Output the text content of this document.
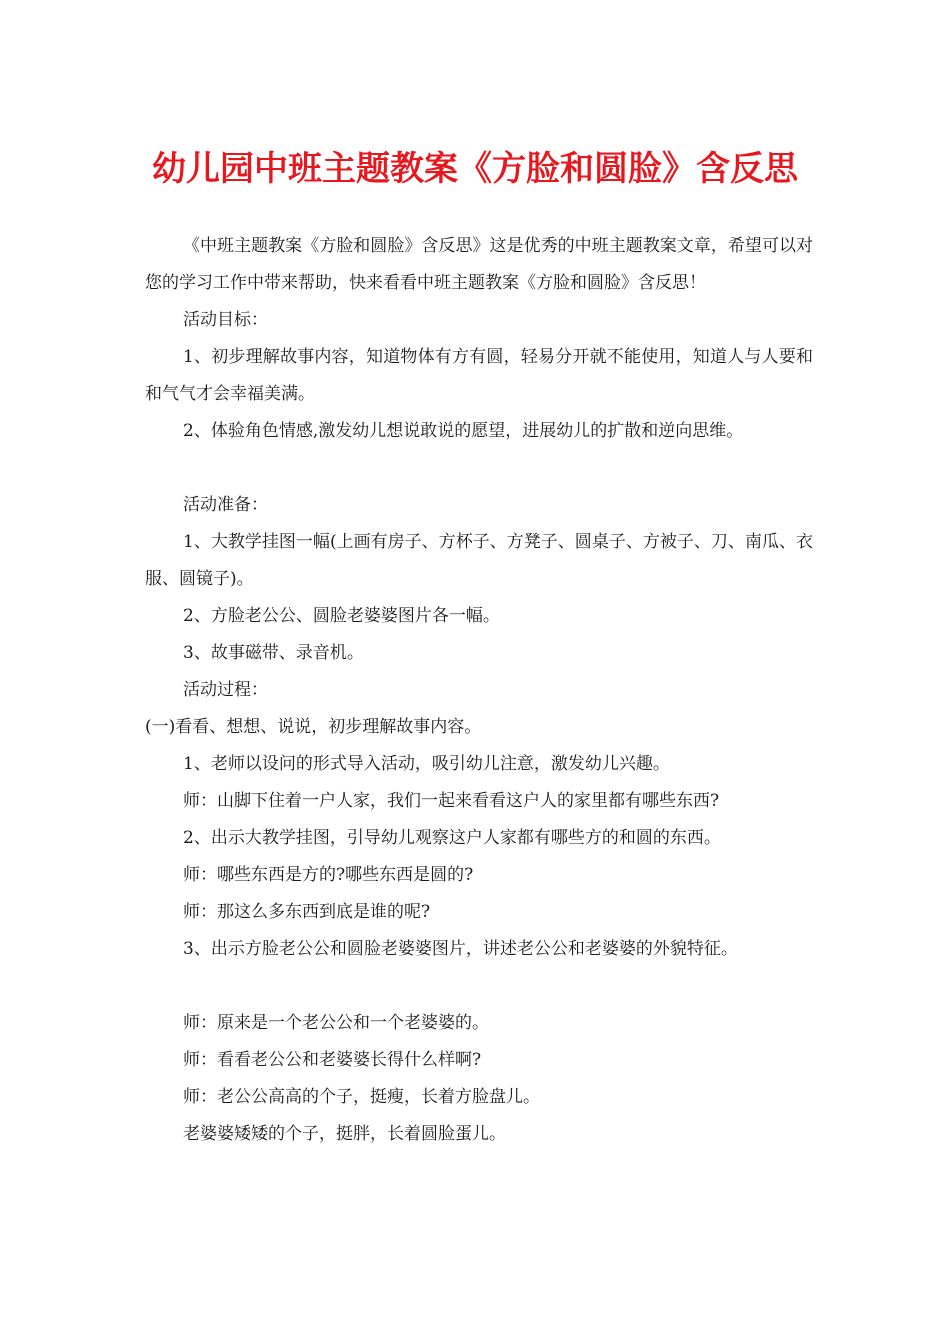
幼儿园中班主题教案《方脸和圆脸》含反思

《中班主题教案《方脸和圆脸》含反思》这是优秀的中班主题教案文章，希望可以对您的学习工作中带来帮助，快来看看中班主题教案《方脸和圆脸》含反思！

活动目标：

1、初步理解故事内容，知道物体有方有圆，轻易分开就不能使用，知道人与人要和和气气才会幸福美满。

2、体验角色情感,激发幼儿想说敢说的愿望，进展幼儿的扩散和逆向思维。

活动准备：

1、大教学挂图一幅(上画有房子、方杯子、方凳子、圆桌子、方被子、刀、南瓜、衣服、圆镜子)。

2、方脸老公公、圆脸老婆婆图片各一幅。

3、故事磁带、录音机。

活动过程：

(一)看看、想想、说说，初步理解故事内容。

1、老师以设问的形式导入活动，吸引幼儿注意，激发幼儿兴趣。

师：山脚下住着一户人家，我们一起来看看这户人的家里都有哪些东西?

2、出示大教学挂图，引导幼儿观察这户人家都有哪些方的和圆的东西。

师：哪些东西是方的?哪些东西是圆的?

师：那这么多东西到底是谁的呢?

3、出示方脸老公公和圆脸老婆婆图片，讲述老公公和老婆婆的外貌特征。

师：原来是一个老公公和一个老婆婆的。

师：看看老公公和老婆婆长得什么样啊?

师：老公公高高的个子，挺瘦，长着方脸盘儿。

老婆婆矮矮的个子，挺胖，长着圆脸蛋儿。
